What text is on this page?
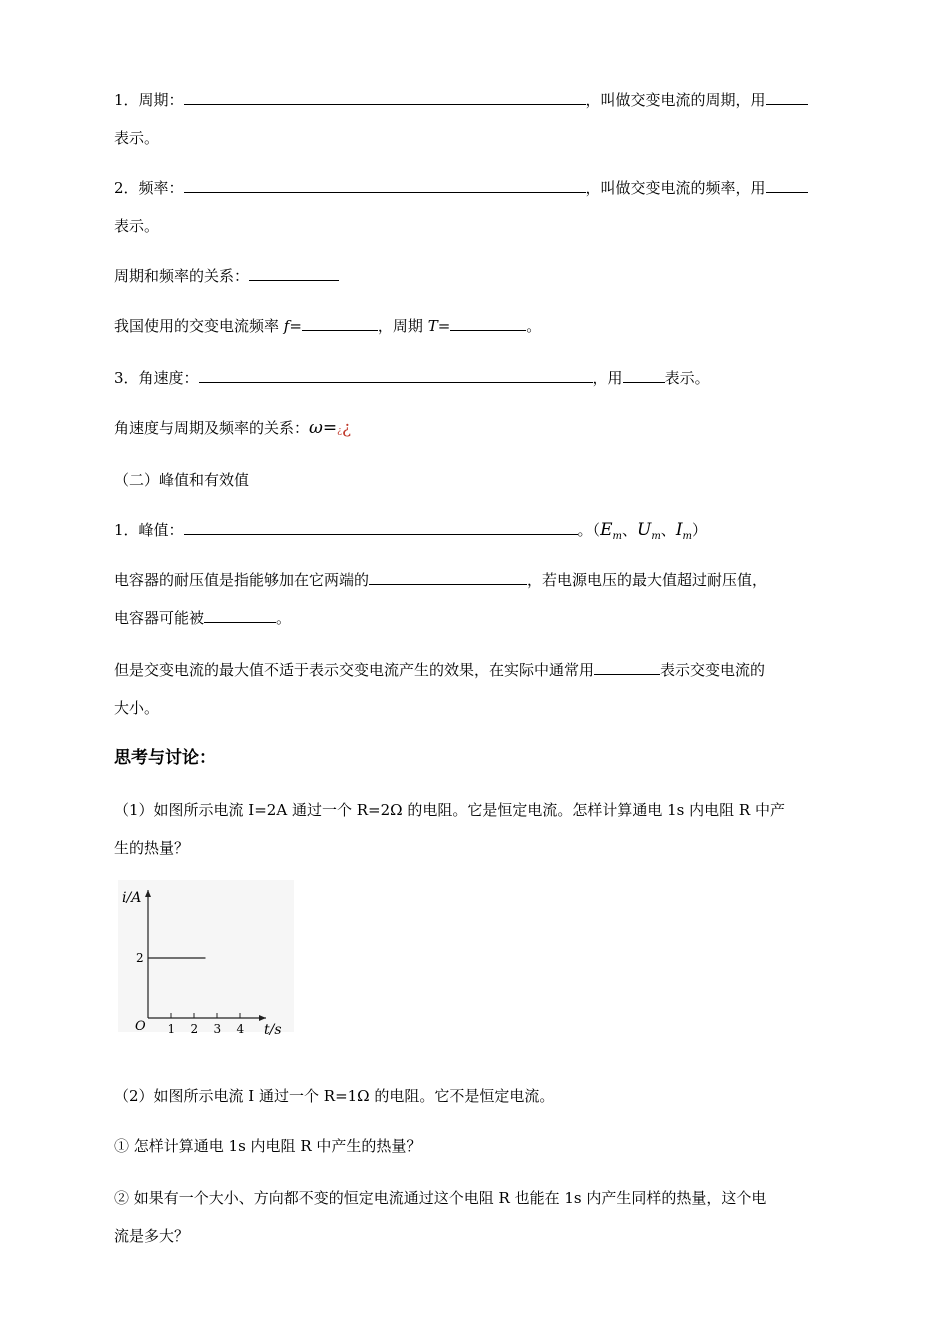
1．周期：	，叫做交变电流的周期，用
表示。
2．频率：	，叫做交变电流的频率，用
表示。
周期和频率的关系：
我国使用的交变电流频率 f=	，周期 T=	。
3．角速度：	，用	表示。
角速度与周期及频率的关系：ω=¿¿
（二）峰值和有效值
1．峰值：	。（$E_m$、$U_m$、$I_m$）
电容器的耐压值是指能够加在它两端的	，若电源电压的最大值超过耐压值，
电容器可能被	。
但是交变电流的最大值不适于表示交变电流产生的效果，在实际中通常用	表示交变电流的
大小。
思考与讨论：
（1）如图所示电流 I=2A 通过一个 R=2Ω 的电阻。它是恒定电流。怎样计算通电 1s 内电阻 R 中产
生的热量？
i/A
t/s
O 1 2 3 4
2
（2）如图所示电流 I 通过一个 R=1Ω 的电阻。它不是恒定电流。
① 怎样计算通电 1s 内电阻 R 中产生的热量？
② 如果有一个大小、方向都不变的恒定电流通过这个电阻 R 也能在 1s 内产生同样的热量，这个电
流是多大？
